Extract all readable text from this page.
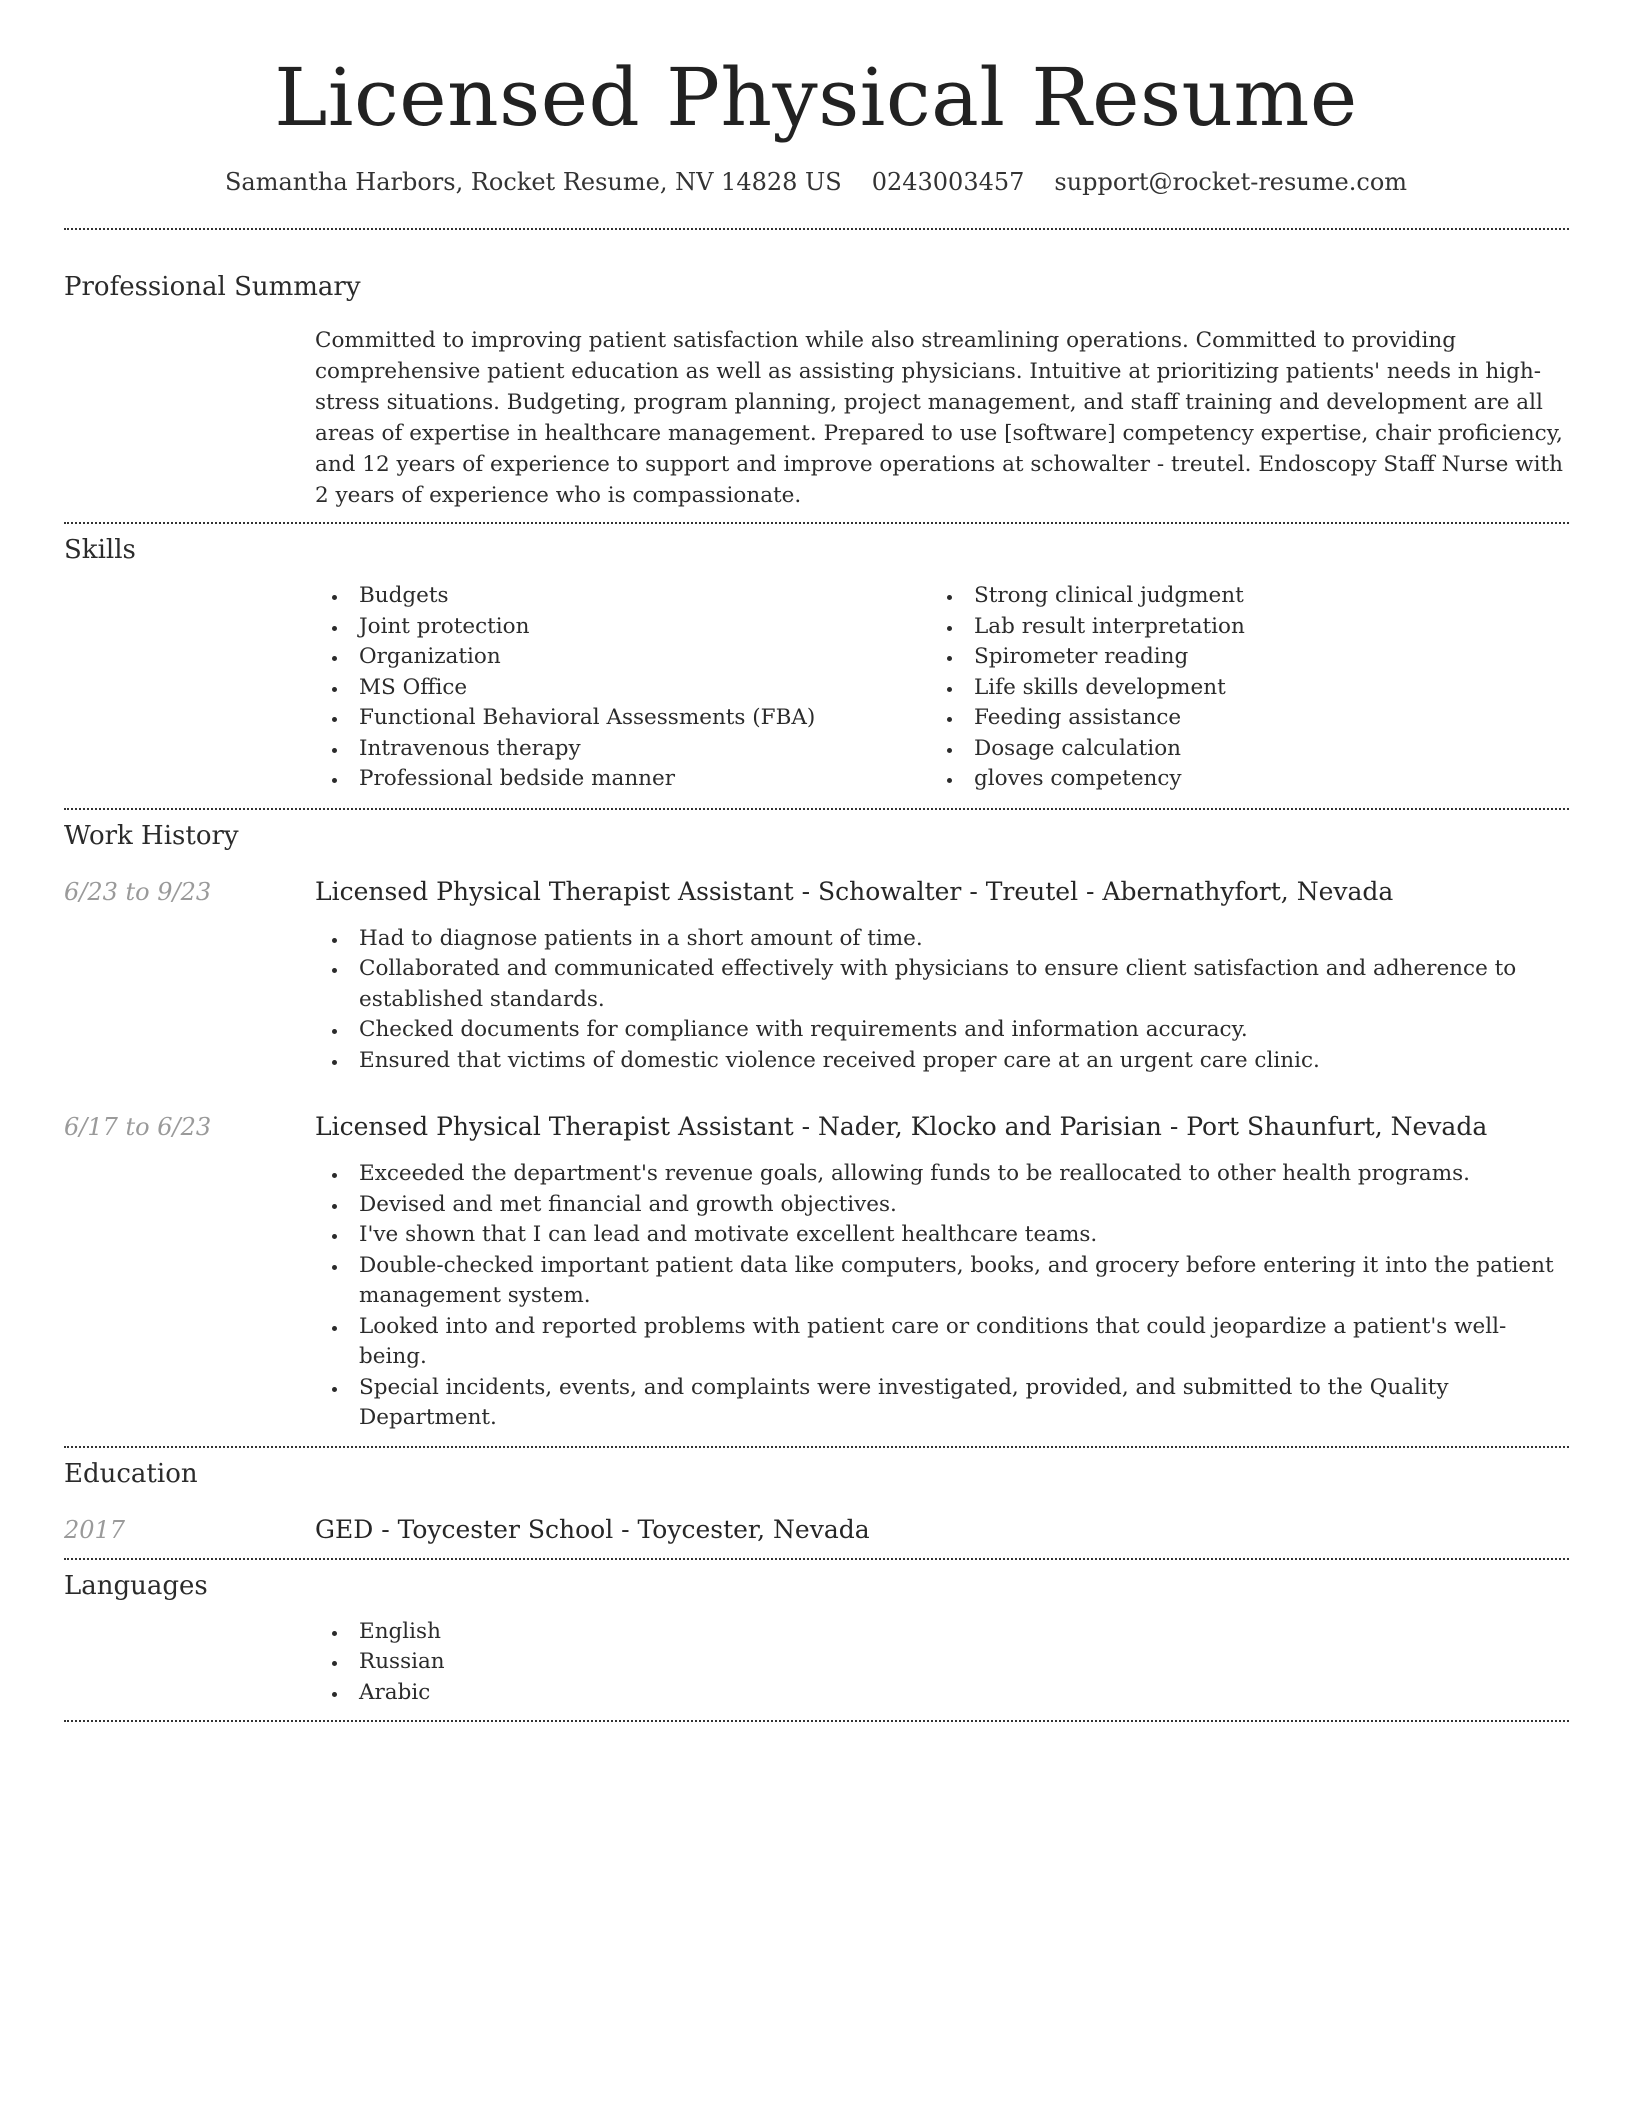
Licensed Physical Resume
Samantha Harbors, Rocket Resume, NV 14828 US 0243003457 support@rocket-resume.com
Professional Summary

Committed to improving patient satisfaction while also streamlining operations. Committed to providing comprehensive patient education as well as assisting physicians. Intuitive at prioritizing patients' needs in high-stress situations. Budgeting, program planning, project management, and staff training and development are all areas of expertise in healthcare management. Prepared to use [software] competency expertise, chair proficiency, and 12 years of experience to support and improve operations at schowalter - treutel. Endoscopy Staff Nurse with 2 years of experience who is compassionate.

Skills
Budgets
Joint protection
Organization
MS Office
Functional Behavioral Assessments (FBA)
Intravenous therapy
Professional bedside manner
Strong clinical judgment
Lab result interpretation
Spirometer reading
Life skills development
Feeding assistance
Dosage calculation
gloves competency
Work History
6/23 to 9/23	Licensed Physical Therapist Assistant - Schowalter - Treutel - Abernathyfort, Nevada
Had to diagnose patients in a short amount of time.
Collaborated and communicated effectively with physicians to ensure client satisfaction and adherence to established standards.
Checked documents for compliance with requirements and information accuracy.
Ensured that victims of domestic violence received proper care at an urgent care clinic.
6/17 to 6/23	Licensed Physical Therapist Assistant - Nader, Klocko and Parisian - Port Shaunfurt, Nevada
Exceeded the department's revenue goals, allowing funds to be reallocated to other health programs.
Devised and met financial and growth objectives.
I've shown that I can lead and motivate excellent healthcare teams.
Double-checked important patient data like computers, books, and grocery before entering it into the patient management system.
Looked into and reported problems with patient care or conditions that could jeopardize a patient's well-being.
Special incidents, events, and complaints were investigated, provided, and submitted to the Quality Department.
Education
2017	GED - Toycester School - Toycester, Nevada
Languages
English
Russian
Arabic
